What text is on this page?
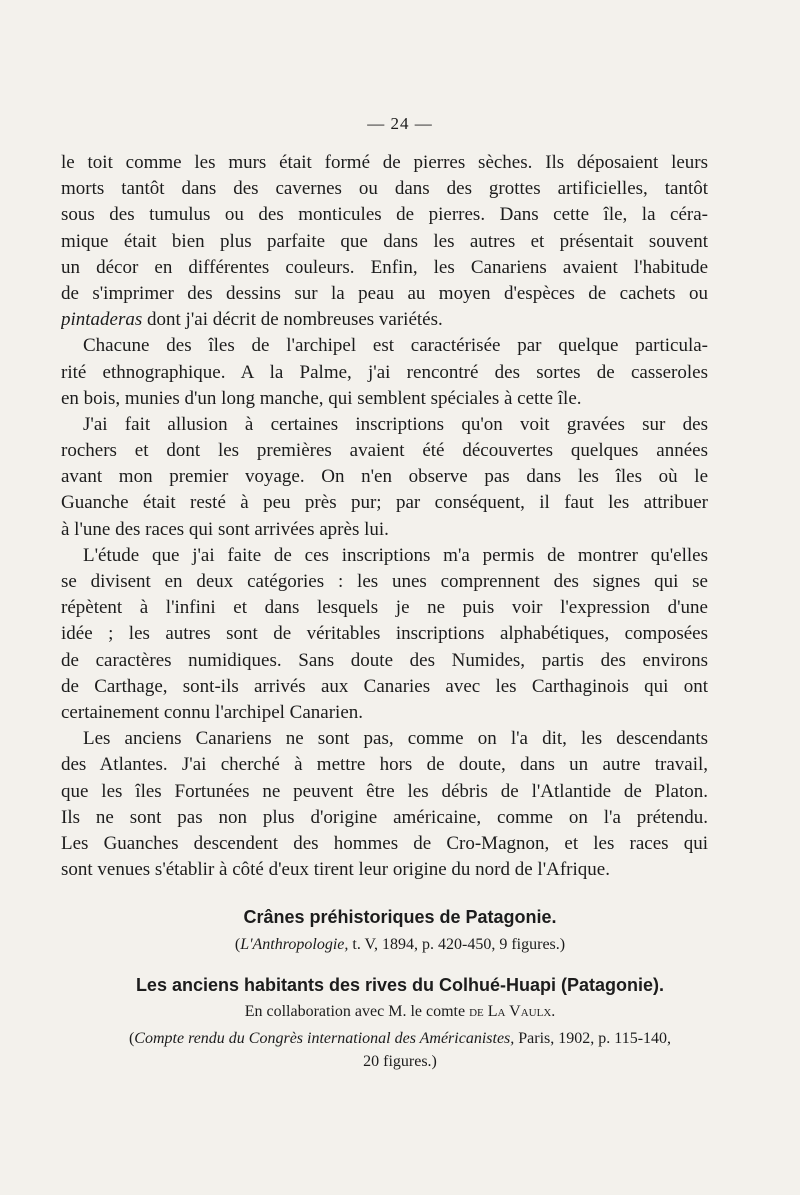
— 24 —
le toit comme les murs était formé de pierres sèches. Ils déposaient leurs
morts tantôt dans des cavernes ou dans des grottes artificielles, tantôt
sous des tumulus ou des monticules de pierres. Dans cette île, la céra-
mique était bien plus parfaite que dans les autres et présentait souvent
un décor en différentes couleurs. Enfin, les Canariens avaient l'habitude
de s'imprimer des dessins sur la peau au moyen d'espèces de cachets ou
pintaderas dont j'ai décrit de nombreuses variétés.
Chacune des îles de l'archipel est caractérisée par quelque particula-
rité ethnographique. A la Palme, j'ai rencontré des sortes de casseroles
en bois, munies d'un long manche, qui semblent spéciales à cette île.
J'ai fait allusion à certaines inscriptions qu'on voit gravées sur des
rochers et dont les premières avaient été découvertes quelques années
avant mon premier voyage. On n'en observe pas dans les îles où le
Guanche était resté à peu près pur; par conséquent, il faut les attribuer
à l'une des races qui sont arrivées après lui.
L'étude que j'ai faite de ces inscriptions m'a permis de montrer qu'elles
se divisent en deux catégories : les unes comprennent des signes qui se
répètent à l'infini et dans lesquels je ne puis voir l'expression d'une
idée ; les autres sont de véritables inscriptions alphabétiques, composées
de caractères numidiques. Sans doute des Numides, partis des environs
de Carthage, sont-ils arrivés aux Canaries avec les Carthaginois qui ont
certainement connu l'archipel Canarien.
Les anciens Canariens ne sont pas, comme on l'a dit, les descendants
des Atlantes. J'ai cherché à mettre hors de doute, dans un autre travail,
que les îles Fortunées ne peuvent être les débris de l'Atlantide de Platon.
Ils ne sont pas non plus d'origine américaine, comme on l'a prétendu.
Les Guanches descendent des hommes de Cro-Magnon, et les races qui
sont venues s'établir à côté d'eux tirent leur origine du nord de l'Afrique.
Crânes préhistoriques de Patagonie.
(L'Anthropologie, t. V, 1894, p. 420-450, 9 figures.)
Les anciens habitants des rives du Colhué-Huapi (Patagonie).
En collaboration avec M. le comte de La Vaulx.
(Compte rendu du Congrès international des Américanistes, Paris, 1902, p. 115-140,
20 figures.)
